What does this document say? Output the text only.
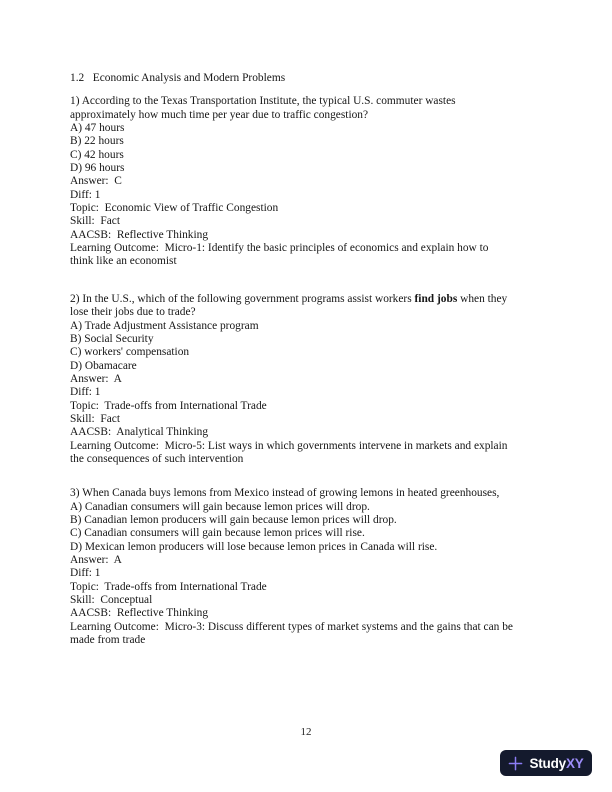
1.2   Economic Analysis and Modern Problems
1) According to the Texas Transportation Institute, the typical U.S. commuter wastes
approximately how much time per year due to traffic congestion?
A) 47 hours
B) 22 hours
C) 42 hours
D) 96 hours
Answer:  C
Diff: 1
Topic:  Economic View of Traffic Congestion
Skill:  Fact
AACSB:  Reflective Thinking
Learning Outcome:  Micro-1: Identify the basic principles of economics and explain how to
think like an economist
2) In the U.S., which of the following government programs assist workers find jobs when they
lose their jobs due to trade?
A) Trade Adjustment Assistance program
B) Social Security
C) workers' compensation
D) Obamacare
Answer:  A
Diff: 1
Topic:  Trade-offs from International Trade
Skill:  Fact
AACSB:  Analytical Thinking
Learning Outcome:  Micro-5: List ways in which governments intervene in markets and explain
the consequences of such intervention
3) When Canada buys lemons from Mexico instead of growing lemons in heated greenhouses,
A) Canadian consumers will gain because lemon prices will drop.
B) Canadian lemon producers will gain because lemon prices will drop.
C) Canadian consumers will gain because lemon prices will rise.
D) Mexican lemon producers will lose because lemon prices in Canada will rise.
Answer:  A
Diff: 1
Topic:  Trade-offs from International Trade
Skill:  Conceptual
AACSB:  Reflective Thinking
Learning Outcome:  Micro-3: Discuss different types of market systems and the gains that can be
made from trade
12
StudyXY
